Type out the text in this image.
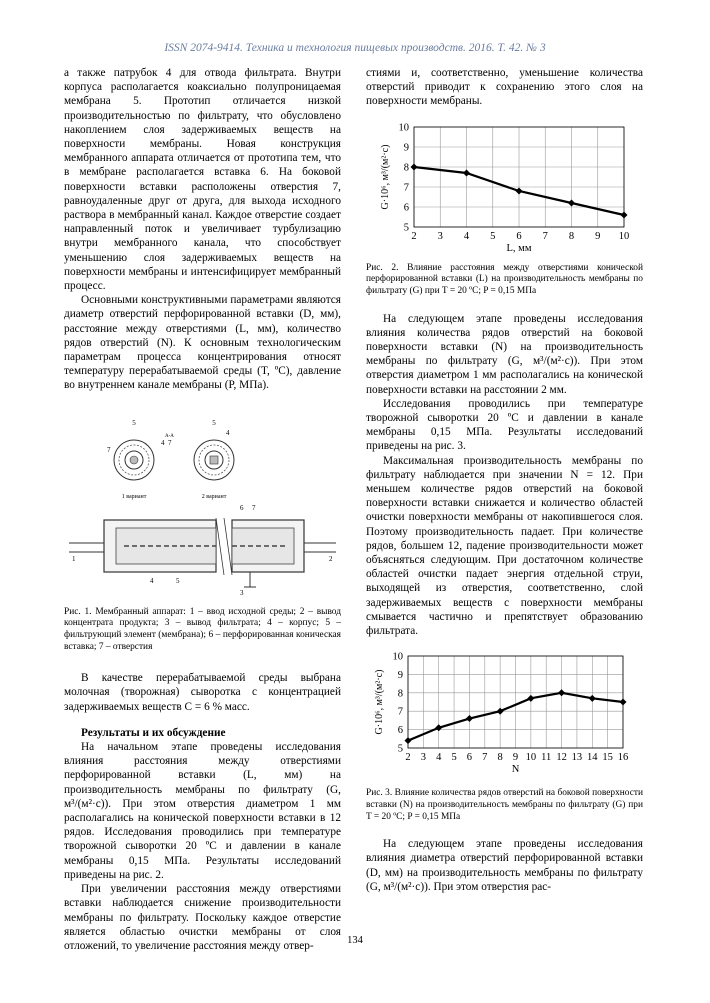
ISSN 2074-9414. Техника и технология пищевых производств. 2016. Т. 42. № 3

а также патрубок 4 для отвода фильтрата. Внутри корпуса располагается коаксиально полупроницаемая мембрана 5. Прототип отличается низкой производительностью по фильтрату, что обусловлено накоплением слоя задерживаемых веществ на поверхности мембраны. Новая конструкция мембранного аппарата отличается от прототипа тем, что в мембране располагается вставка 6. На боковой поверхности вставки расположены отверстия 7, равноудаленные друг от друга, для выхода исходного раствора в мембранный канал. Каждое отверстие создает направленный поток и увеличивает турбулизацию внутри мембранного канала, что способствует уменьшению слоя задерживаемых веществ на поверхности мембраны и интенсифицирует мембранный процесс.

Основными конструктивными параметрами являются диаметр отверстий перфорированной вставки (D, мм), расстояние между отверстиями (L, мм), количество рядов отверстий (N). К основным технологическим параметрам процесса концентрирования относят температуру перерабатываемой среды (T, ºC), давление во внутреннем канале мембраны (P, МПа).

5	5
7
4 7
А-А	4
1 вариант	2 вариант
6 7
1	2
4	5
3

Рис. 1. Мембранный аппарат: 1 – ввод исходной среды; 2 – вывод концентрата продукта; 3 – вывод фильтрата; 4 – корпус; 5 – фильтрующий элемент (мембрана); 6 – перфорированная коническая вставка; 7 – отверстия

В качестве перерабатываемой среды выбрана молочная (творожная) сыворотка с концентрацией задерживаемых веществ C = 6 % масс.

Результаты и их обсуждение

На начальном этапе проведены исследования влияния расстояния между отверстиями перфорированной вставки (L, мм) на производительность мембраны по фильтрату (G, м³/(м²·с)). При этом отверстия диаметром 1 мм располагались на конической поверхности вставки в 12 рядов. Исследования проводились при температуре творожной сыворотки 20 ºC и давлении в канале мембраны 0,15 МПа. Результаты исследований приведены на рис. 2.

При увеличении расстояния между отверстиями вставки наблюдается снижение производительности мембраны по фильтрату. Поскольку каждое отверстие является областью очистки мембраны от слоя отложений, то увеличение расстояния между отвер-

стиями и, соответственно, уменьшение количества отверстий приводит к сохранению этого слоя на поверхности мембраны.

2 3 4 5 6 7 8 9 10
5
6
7
8
9
10
L, мм
G·10⁶, м³/(м²·с)

Рис. 2. Влияние расстояния между отверстиями конической перфорированной вставки (L) на производительность мембраны по фильтрату (G) при T = 20 ºC; P = 0,15 МПа

На следующем этапе проведены исследования влияния количества рядов отверстий на боковой поверхности вставки (N) на производительность мембраны по фильтрату (G, м³/(м²·с)). При этом отверстия диаметром 1 мм располагались на конической поверхности вставки на расстоянии 2 мм.

Исследования проводились при температуре творожной сыворотки 20 ºC и давлении в канале мембраны 0,15 МПа. Результаты исследований приведены на рис. 3.

Максимальная производительность мембраны по фильтрату наблюдается при значении N = 12. При меньшем количестве рядов отверстий на боковой поверхности вставки снижается и количество областей очистки поверхности мембраны от накопившегося слоя. Поэтому производительность падает. При количестве рядов, большем 12, падение производительности может объясняться следующим. При достаточном количестве областей очистки падает энергия отдельной струи, выходящей из отверстия, соответственно, слой задерживаемых веществ с поверхности мембраны смывается частично и препятствует образованию фильтрата.

2 3 4 5 6 7 8 9 10 11 12 13 14 15 16
5
6
7
8
9
10
N
G·10⁶, м³/(м²·с)

Рис. 3. Влияние количества рядов отверстий на боковой поверхности вставки (N) на производительность мембраны по фильтрату (G) при T = 20 ºC; P = 0,15 МПа

На следующем этапе проведены исследования влияния диаметра отверстий перфорированной вставки (D, мм) на производительность мембраны по фильтрату (G, м³/(м²·с)). При этом отверстия рас-

134
